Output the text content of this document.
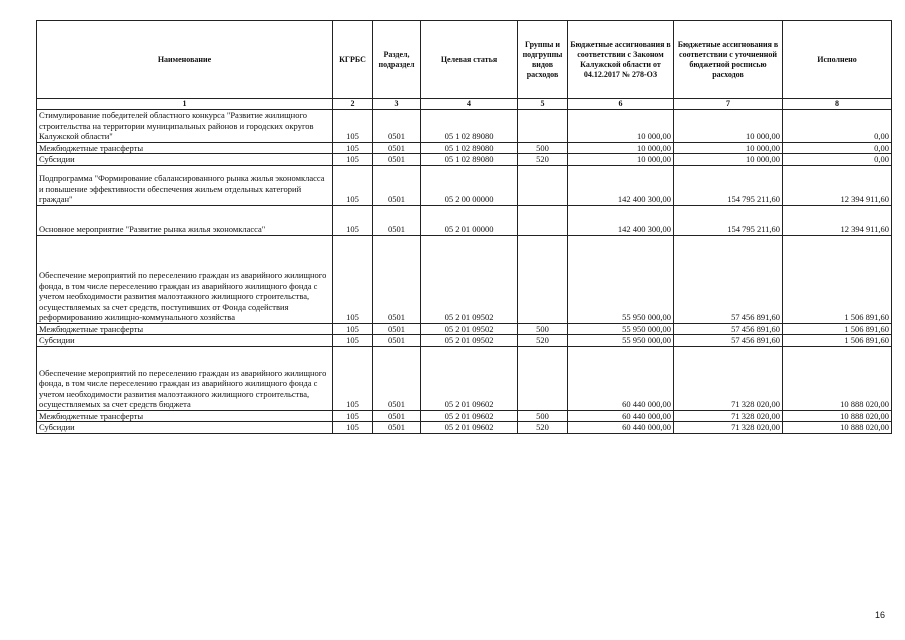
Наименование	КГРБС	Раздел, подраздел	Целевая статья	Группы и подгруппы видов расходов	Бюджетные ассигнования в соответствии с Законом Калужской области от 04.12.2017 № 278-ОЗ	Бюджетные ассигнования в соответствии с уточненной бюджетной росписью расходов	Исполнено
1	2	3	4	5	6	7	8
Стимулирование победителей областного конкурса "Развитие жилищного строительства на территории муниципальных районов и городских округов Калужской области"	105	0501	05 1 02 89080		10 000,00	10 000,00	0,00
Межбюджетные трансферты	105	0501	05 1 02 89080	500	10 000,00	10 000,00	0,00
Субсидии	105	0501	05 1 02 89080	520	10 000,00	10 000,00	0,00
Подпрограмма "Формирование сбалансированного рынка жилья экономкласса и повышение эффективности обеспечения жильем отдельных категорий граждан"	105	0501	05 2 00 00000		142 400 300,00	154 795 211,60	12 394 911,60
Основное мероприятие "Развитие рынка жилья экономкласса"	105	0501	05 2 01 00000		142 400 300,00	154 795 211,60	12 394 911,60
Обеспечение мероприятий по переселению граждан из аварийного жилищного фонда, в том числе переселению граждан из аварийного жилищного фонда с учетом необходимости развития малоэтажного жилищного строительства, осуществляемых за счет средств, поступивших от Фонда содействия реформированию жилищно-коммунального хозяйства	105	0501	05 2 01 09502		55 950 000,00	57 456 891,60	1 506 891,60
Межбюджетные трансферты	105	0501	05 2 01 09502	500	55 950 000,00	57 456 891,60	1 506 891,60
Субсидии	105	0501	05 2 01 09502	520	55 950 000,00	57 456 891,60	1 506 891,60
Обеспечение мероприятий по переселению граждан из аварийного жилищного фонда, в том числе переселению граждан из аварийного жилищного фонда с учетом необходимости развития малоэтажного жилищного строительства, осуществляемых за счет средств бюджета	105	0501	05 2 01 09602		60 440 000,00	71 328 020,00	10 888 020,00
Межбюджетные трансферты	105	0501	05 2 01 09602	500	60 440 000,00	71 328 020,00	10 888 020,00
Субсидии	105	0501	05 2 01 09602	520	60 440 000,00	71 328 020,00	10 888 020,00
16
